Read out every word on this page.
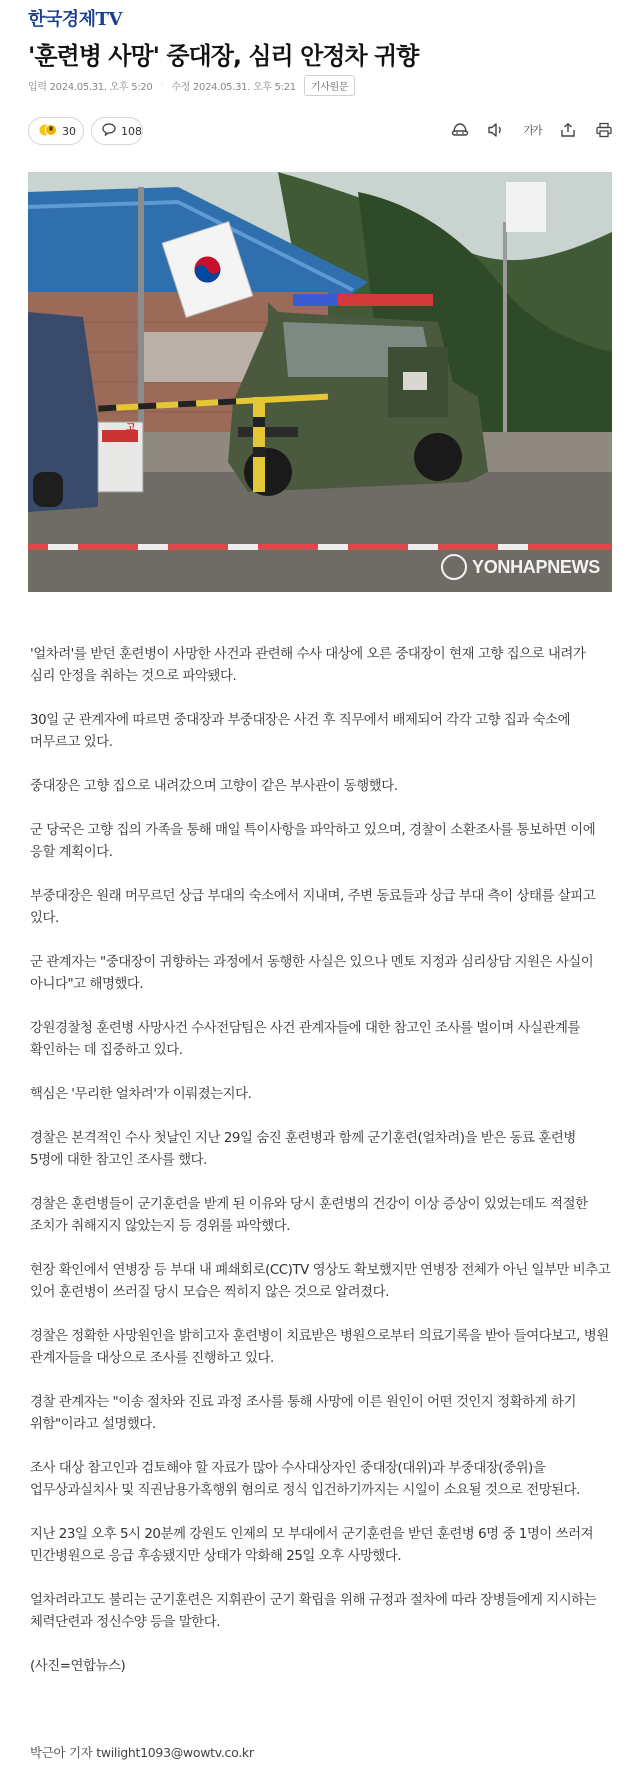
한국경제TV
'훈련병 사망' 중대장, 심리 안정차 귀향
입력 2024.05.31. 오후 5:20 · 수정 2024.05.31. 오후 5:21	기사원문
30	108	가가
고
YONHAPNEWS

'얼차려'를 받던 훈련병이 사망한 사건과 관련해 수사 대상에 오른 중대장이 현재 고향 집으로 내려가 심리 안정을 취하는 것으로 파악됐다.

30일 군 관계자에 따르면 중대장과 부중대장은 사건 후 직무에서 배제되어 각각 고향 집과 숙소에 머무르고 있다.

중대장은 고향 집으로 내려갔으며 고향이 같은 부사관이 동행했다.

군 당국은 고향 집의 가족을 통해 매일 특이사항을 파악하고 있으며, 경찰이 소환조사를 통보하면 이에 응할 계획이다.

부중대장은 원래 머무르던 상급 부대의 숙소에서 지내며, 주변 동료들과 상급 부대 측이 상태를 살피고 있다.

군 관계자는 "중대장이 귀향하는 과정에서 동행한 사실은 있으나 멘토 지정과 심리상담 지원은 사실이 아니다"고 해명했다.

강원경찰청 훈련병 사망사건 수사전담팀은 사건 관계자들에 대한 참고인 조사를 벌이며 사실관계를 확인하는 데 집중하고 있다.

핵심은 '무리한 얼차려'가 이뤄졌는지다.

경찰은 본격적인 수사 첫날인 지난 29일 숨진 훈련병과 함께 군기훈련(얼차려)을 받은 동료 훈련병 5명에 대한 참고인 조사를 했다.

경찰은 훈련병들이 군기훈련을 받게 된 이유와 당시 훈련병의 건강이 이상 증상이 있었는데도 적절한 조치가 취해지지 않았는지 등 경위를 파악했다.

현장 확인에서 연병장 등 부대 내 폐쇄회로(CC)TV 영상도 확보했지만 연병장 전체가 아닌 일부만 비추고 있어 훈련병이 쓰러질 당시 모습은 찍히지 않은 것으로 알려졌다.

경찰은 정확한 사망원인을 밝히고자 훈련병이 치료받은 병원으로부터 의료기록을 받아 들여다보고, 병원 관계자들을 대상으로 조사를 진행하고 있다.

경찰 관계자는 "이송 절차와 진료 과정 조사를 통해 사망에 이른 원인이 어떤 것인지 정확하게 하기 위함"이라고 설명했다.

조사 대상 참고인과 검토해야 할 자료가 많아 수사대상자인 중대장(대위)과 부중대장(중위)을 업무상과실치사 및 직권남용가혹행위 혐의로 정식 입건하기까지는 시일이 소요될 것으로 전망된다.

지난 23일 오후 5시 20분께 강원도 인제의 모 부대에서 군기훈련을 받던 훈련병 6명 중 1명이 쓰러져 민간병원으로 응급 후송됐지만 상태가 악화해 25일 오후 사망했다.

얼차려라고도 불리는 군기훈련은 지휘관이 군기 확립을 위해 규정과 절차에 따라 장병들에게 지시하는 체력단련과 정신수양 등을 말한다.

(사진=연합뉴스)

박근아 기자 twilight1093@wowtv.co.kr
